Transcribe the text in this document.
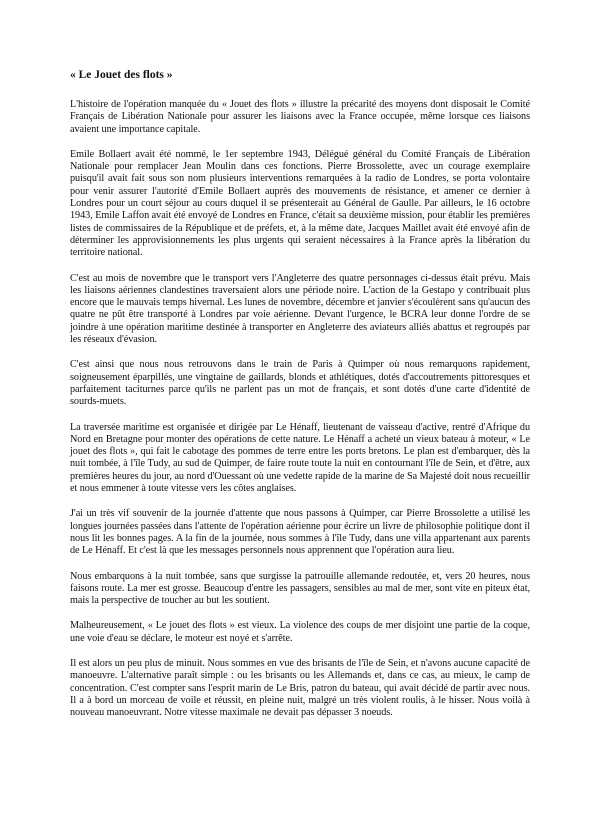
« Le Jouet des flots »

L'histoire de l'opération manquée du « Jouet des flots » illustre la précarité des moyens dont disposait le Comité Français de Libération Nationale pour assurer les liaisons avec la France occupée, même lorsque ces liaisons avaient une importance capitale.

Emile Bollaert avait été nommé, le 1er septembre 1943, Délégué général du Comité Français de Libération Nationale pour remplacer Jean Moulin dans ces fonctions. Pierre Brossolette, avec un courage exemplaire puisqu'il avait fait sous son nom plusieurs interventions remarquées à la radio de Londres, se porta volontaire pour venir assurer l'autorité d'Emile Bollaert auprès des mouvements de résistance, et amener ce dernier à Londres pour un court séjour au cours duquel il se présenterait au Général de Gaulle. Par ailleurs, le 16 octobre 1943, Emile Laffon avait été envoyé de Londres en France, c'était sa deuxième mission, pour établir les premières listes de commissaires de la République et de préfets, et, à la même date, Jacques Maillet avait été envoyé afin de déterminer les approvisionnements les plus urgents qui seraient nécessaires à la France après la libération du territoire national.

C'est au mois de novembre que le transport vers l'Angleterre des quatre personnages ci-dessus était prévu. Mais les liaisons aériennes clandestines traversaient alors une période noire. L'action de la Gestapo y contribuait plus encore que le mauvais temps hivernal. Les lunes de novembre, décembre et janvier s'écoulèrent sans qu'aucun des quatre ne pût être transporté à Londres par voie aérienne. Devant l'urgence, le BCRA leur donne l'ordre de se joindre à une opération maritime destinée à transporter en Angleterre des aviateurs alliés abattus et regroupés par les réseaux d'évasion.

C'est ainsi que nous nous retrouvons dans le train de Paris à Quimper où nous remarquons rapidement, soigneusement éparpillés, une vingtaine de gaillards, blonds et athlétiques, dotés d'accoutrements pittoresques et parfaitement taciturnes parce qu'ils ne parlent pas un mot de français, et sont dotés d'une carte d'identité de sourds-muets.

La traversée maritime est organisée et dirigée par Le Hénaff, lieutenant de vaisseau d'active, rentré d'Afrique du Nord en Bretagne pour monter des opérations de cette nature. Le Hénaff a acheté un vieux bateau à moteur, « Le jouet des flots », qui fait le cabotage des pommes de terre entre les ports bretons. Le plan est d'embarquer, dès la nuit tombée, à l'île Tudy, au sud de Quimper, de faire route toute la nuit en contournant l'île de Sein, et d'être, aux premières heures du jour, au nord d'Ouessant où une vedette rapide de la marine de Sa Majesté doit nous recueillir et nous emmener à toute vitesse vers les côtes anglaises.

J'ai un très vif souvenir de la journée d'attente que nous passons à Quimper, car Pierre Brossolette a utilisé les longues journées passées dans l'attente de l'opération aérienne pour écrire un livre de philosophie politique dont il nous lit les bonnes pages. A la fin de la journée, nous sommes à l'île Tudy, dans une villa appartenant aux parents de Le Hénaff. Et c'est là que les messages personnels nous apprennent que l'opération aura lieu.

Nous embarquons à la nuit tombée, sans que surgisse la patrouille allemande redoutée, et, vers 20 heures, nous faisons route. La mer est grosse. Beaucoup d'entre les passagers, sensibles au mal de mer, sont vite en piteux état, mais la perspective de toucher au but les soutient.

Malheureusement, « Le jouet des flots » est vieux. La violence des coups de mer disjoint une partie de la coque, une voie d'eau se déclare, le moteur est noyé et s'arrête.

Il est alors un peu plus de minuit. Nous sommes en vue des brisants de l'île de Sein, et n'avons aucune capacité de manoeuvre. L'alternative paraît simple : ou les brisants ou les Allemands et, dans ce cas, au mieux, le camp de concentration. C'est compter sans l'esprit marin de Le Bris, patron du bateau, qui avait décidé de partir avec nous. Il a à bord un morceau de voile et réussit, en pleine nuit, malgré un très violent roulis, à le hisser. Nous voilà à nouveau manoeuvrant. Notre vitesse maximale ne devait pas dépasser 3 noeuds.
